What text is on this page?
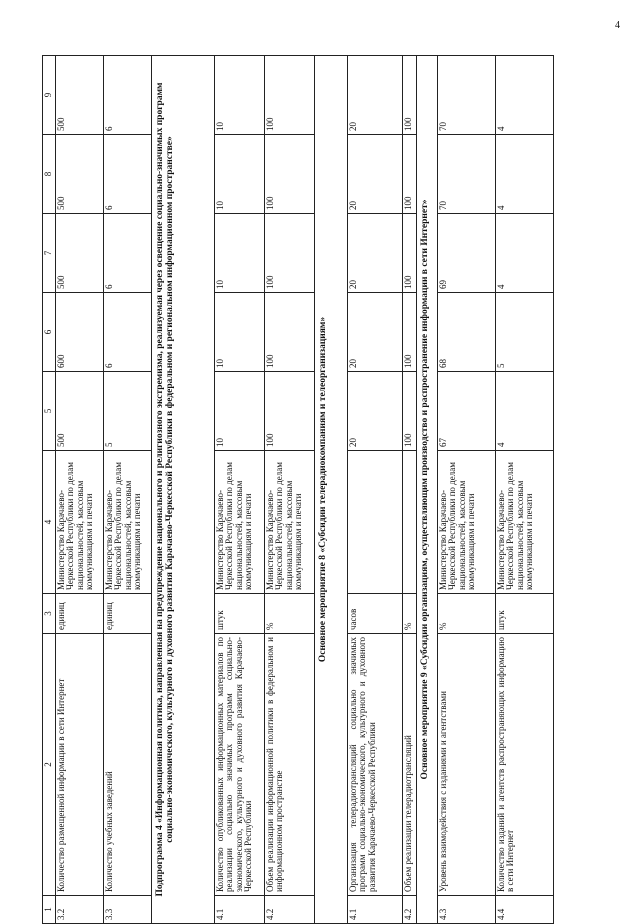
4
1	2	3	4	5	6	7	8	9
3.2	Количество размещенной информации в сети Интернет	единиц	Министерство Карачаево-Черкесской Республики по делам национальностей, массовым коммуникациям и печати	500	600	500	500	500
3.3	Количество учебных заведений	единиц	Министерство Карачаево-Черкесской Республики по делам национальностей, массовым коммуникациям и печати	5	6	6	6	6
Подпрограмма 4 «Информационная политика, направленная на предупреждение национального и религиозного экстремизма, реализуемая через освещение социально-значимых программ социально-экономического, культурного и духовного развития Карачаево-Черкесской Республики в федеральном и региональном информационном пространстве»								
4.1	Количество опубликованных информационных материалов по реализации социально значимых программ социально-экономического, культурного и духовного развития Карачаево-Черкесской Республики	штук	Министерство Карачаево-Черкесской Республики по делам национальностей, массовым коммуникациям и печати	10	10	10	10	10
4.2	Объем реализации информационной политики в федеральном и информационном пространстве	%	Министерство Карачаево-Черкесской Республики по делам национальностей, массовым коммуникациям и печати	100	100	100	100	100
Основное мероприятие 8 «Субсидии телерадиокомпаниям и телеорганизациям»								
4.1	Организация телерадиотрансляций социально значимых программ социально-экономического, культурного и духовного развития Карачаево-Черкесской Республики	часов		20	20	20	20	20
4.2	Объем реализации телерадиотрансляций	%		100	100	100	100	100
Основное мероприятие 9 «Субсидии организациям, осуществляющим производство и распространение информации в сети Интернет»								
4.3	Уровень взаимодействия с изданиями и агентствами	%	Министерство Карачаево-Черкесской Республики по делам национальностей, массовым коммуникациям и печати	67	68	69	70	70
4.4	Количество изданий и агентств распространяющих информацию в сети Интернет	штук	Министерство Карачаево-Черкесской Республики по делам национальностей, массовым коммуникациям и печати	4	5	4	4	4
